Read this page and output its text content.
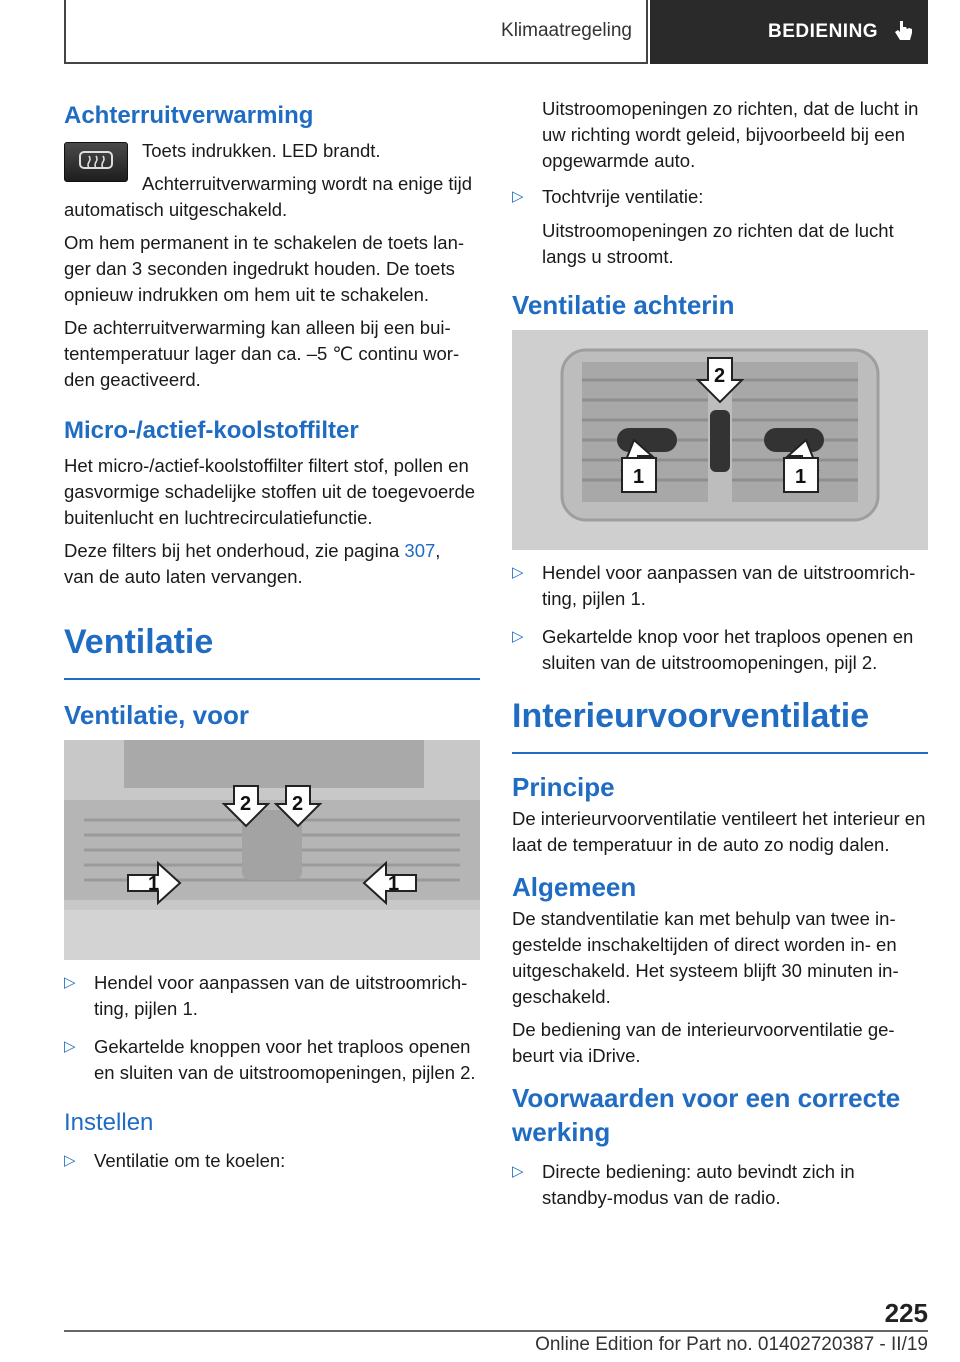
Klimaatregeling	BEDIENING
Achterruitverwarming

Toets indrukken. LED brandt.

Achterruitverwarming wordt na enige tijd automatisch uitgeschakeld.

Om hem permanent in te schakelen de toets langer dan 3 seconden ingedrukt houden. De toets opnieuw indrukken om hem uit te schakelen.

De achterruitverwarming kan alleen bij een buitentemperatuur lager dan ca. –5 ℃ continu worden geactiveerd.

Micro-/actief-koolstoffilter

Het micro-/actief-koolstoffilter filtert stof, pollen en gasvormige schadelijke stoffen uit de toegevoerde buitenlucht en luchtrecirculatiefunctie.

Deze filters bij het onderhoud, zie pagina 307,
van de auto laten vervangen.

Ventilatie
Ventilatie, voor
2 2
1	1
▷ Hendel voor aanpassen van de uitstroomrichting, pijlen 1.
▷ Gekartelde knoppen voor het traploos openen en sluiten van de uitstroomopeningen, pijlen 2.
Instellen
▷ Ventilatie om te koelen:

Uitstroomopeningen zo richten, dat de lucht in uw richting wordt geleid, bijvoorbeeld bij een opgewarmde auto.

▷ Tochtvrije ventilatie:

Uitstroomopeningen zo richten dat de lucht langs u stroomt.

Ventilatie achterin
2
1	1
▷ Hendel voor aanpassen van de uitstroomrichting, pijlen 1.
▷ Gekartelde knop voor het traploos openen en sluiten van de uitstroomopeningen, pijl 2.
Interieurvoorventilatie
Principe

De interieurvoorventilatie ventileert het interieur en laat de temperatuur in de auto zo nodig dalen.

Algemeen

De standventilatie kan met behulp van twee ingestelde inschakeltijden of direct worden in- en uitgeschakeld. Het systeem blijft 30 minuten ingeschakeld.

De bediening van de interieurvoorventilatie gebeurt via iDrive.

Voorwaarden voor een correcte werking
▷ Directe bediening: auto bevindt zich in standby-modus van de radio.
225
Online Edition for Part no. 01402720387 - II/19
